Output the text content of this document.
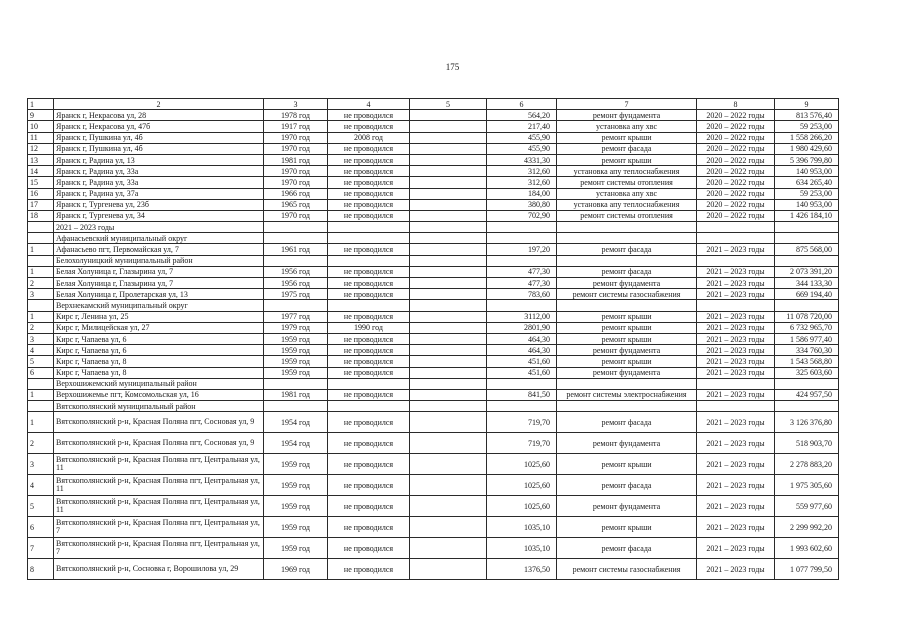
175
1	2	3	4	5	6	7	8	9
9	Яранск г, Некрасова ул, 28	1978 год	не проводился		564,20	ремонт фундамента	2020 – 2022 годы	813 576,40
10	Яранск г, Некрасова ул, 47б	1917 год	не проводился		217,40	установка апу хвс	2020 – 2022 годы	59 253,00
11	Яранск г, Пушкина ул, 4б	1970 год	2008 год		455,90	ремонт крыши	2020 – 2022 годы	1 558 266,20
12	Яранск г, Пушкина ул, 4б	1970 год	не проводился		455,90	ремонт фасада	2020 – 2022 годы	1 980 429,60
13	Яранск г, Радина ул, 13	1981 год	не проводился		4331,30	ремонт крыши	2020 – 2022 годы	5 396 799,80
14	Яранск г, Радина ул, 33а	1970 год	не проводился		312,60	установка апу теплоснабжения	2020 – 2022 годы	140 953,00
15	Яранск г, Радина ул, 33а	1970 год	не проводился		312,60	ремонт системы отопления	2020 – 2022 годы	634 265,40
16	Яранск г, Радина ул, 37а	1966 год	не проводился		184,00	установка апу хвс	2020 – 2022 годы	59 253,00
17	Яранск г, Тургенева ул, 23б	1965 год	не проводился		380,80	установка апу теплоснабжения	2020 – 2022 годы	140 953,00
18	Яранск г, Тургенева ул, 34	1970 год	не проводился		702,90	ремонт системы отопления	2020 – 2022 годы	1 426 184,10
	2021 – 2023 годы							
	Афанасьевский муниципальный округ							
1	Афанасьево пгт, Первомайская ул, 7	1961 год	не проводился		197,20	ремонт фасада	2021 – 2023 годы	875 568,00
	Белохолуницкий муниципальный район							
1	Белая Холуница г, Глазырина ул, 7	1956 год	не проводился		477,30	ремонт фасада	2021 – 2023 годы	2 073 391,20
2	Белая Холуница г, Глазырина ул, 7	1956 год	не проводился		477,30	ремонт фундамента	2021 – 2023 годы	344 133,30
3	Белая Холуница г, Пролетарская ул, 13	1975 год	не проводился		783,60	ремонт системы газоснабжения	2021 – 2023 годы	669 194,40
	Верхнекамский муниципальный округ							
1	Кирс г, Ленина ул, 25	1977 год	не проводился		3112,00	ремонт крыши	2021 – 2023 годы	11 078 720,00
2	Кирс г, Милицейская ул, 27	1979 год	1990 год		2801,90	ремонт крыши	2021 – 2023 годы	6 732 965,70
3	Кирс г, Чапаева ул, 6	1959 год	не проводился		464,30	ремонт крыши	2021 – 2023 годы	1 586 977,40
4	Кирс г, Чапаева ул, 6	1959 год	не проводился		464,30	ремонт фундамента	2021 – 2023 годы	334 760,30
5	Кирс г, Чапаева ул, 8	1959 год	не проводился		451,60	ремонт крыши	2021 – 2023 годы	1 543 568,80
6	Кирс г, Чапаева ул, 8	1959 год	не проводился		451,60	ремонт фундамента	2021 – 2023 годы	325 603,60
	Верхошижемский муниципальный район							
1	Верхошижемье пгт, Комсомольская ул, 16	1981 год	не проводился		841,50	ремонт системы электроснабжения	2021 – 2023 годы	424 957,50
	Вятскополянский муниципальный район							
1	Вятскополянский р-н, Красная Поляна пгт, Сосновая ул, 9	1954 год	не проводился		719,70	ремонт фасада	2021 – 2023 годы	3 126 376,80
2	Вятскополянский р-н, Красная Поляна пгт, Сосновая ул, 9	1954 год	не проводился		719,70	ремонт фундамента	2021 – 2023 годы	518 903,70
3	Вятскополянский р-н, Красная Поляна пгт, Центральная ул, 11	1959 год	не проводился		1025,60	ремонт крыши	2021 – 2023 годы	2 278 883,20
4	Вятскополянский р-н, Красная Поляна пгт, Центральная ул, 11	1959 год	не проводился		1025,60	ремонт фасада	2021 – 2023 годы	1 975 305,60
5	Вятскополянский р-н, Красная Поляна пгт, Центральная ул, 11	1959 год	не проводился		1025,60	ремонт фундамента	2021 – 2023 годы	559 977,60
6	Вятскополянский р-н, Красная Поляна пгт, Центральная ул, 7	1959 год	не проводился		1035,10	ремонт крыши	2021 – 2023 годы	2 299 992,20
7	Вятскополянский р-н, Красная Поляна пгт, Центральная ул, 7	1959 год	не проводился		1035,10	ремонт фасада	2021 – 2023 годы	1 993 602,60
8	Вятскополянский р-н, Сосновка г, Ворошилова ул, 29	1969 год	не проводился		1376,50	ремонт системы газоснабжения	2021 – 2023 годы	1 077 799,50
